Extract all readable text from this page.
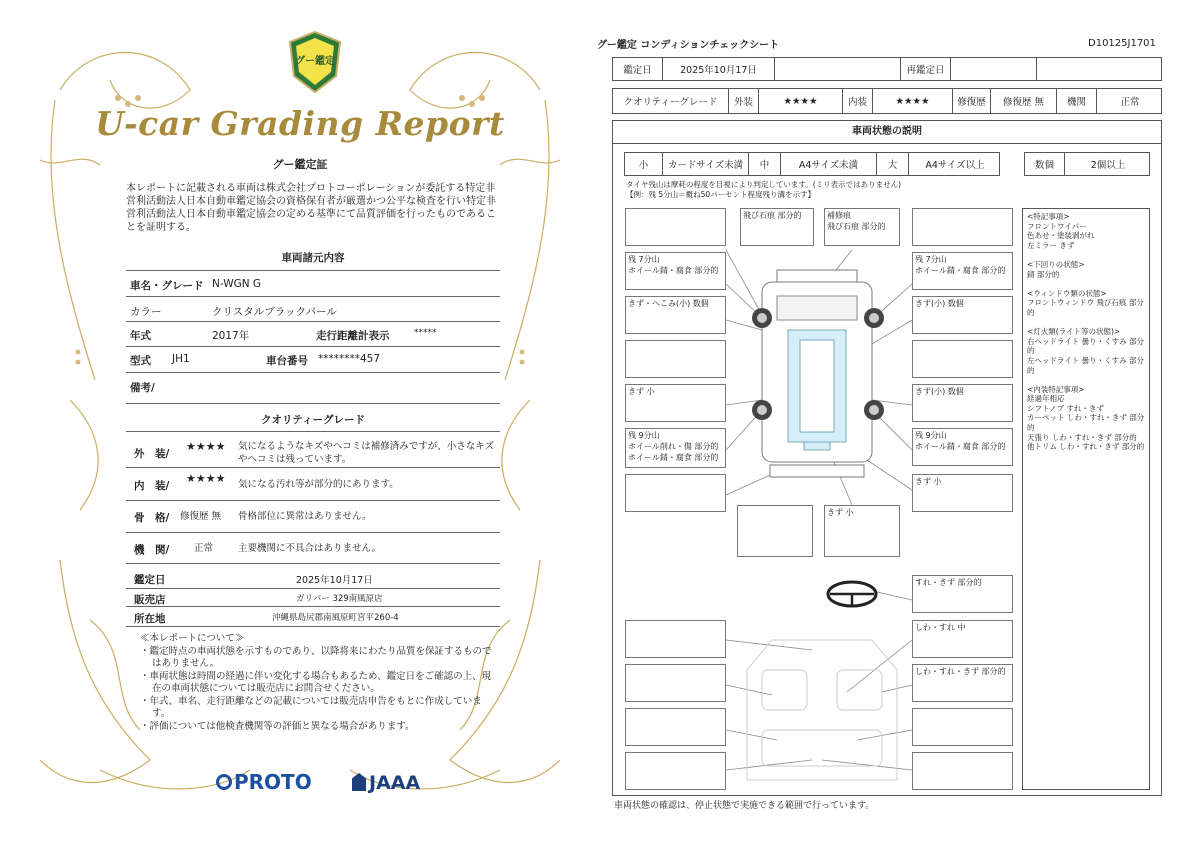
グー鑑定
U-car Grading Report
グー鑑定証
本レポートに記載される車両は株式会社プロトコーポレーションが委託する特定非営利活動法人日本自動車鑑定協会の資格保有者が厳選かつ公平な検査を行い特定非営利活動法人日本自動車鑑定協会の定める基準にて品質評価を行ったものであることを証明する。
車両諸元内容
車名・グレード N-WGN G
カラー	クリスタルブラックパール
年式	2017年	走行距離計表示	*****
型式 JH1	車台番号 ********457
備考/
クオリティーグレード
外　装/
★★★★ 気になるようなキズやヘコミは補修済みですが、小さなキズやヘコミは残っています。
内　装/
★★★★ 気になる汚れ等が部分的にあります。
骨　格/ 修復歴 無 骨格部位に異常はありません。
機　関/	正常	主要機関に不具合はありません。
鑑定日	2025年10月17日
販売店	ガリバー 329南風原店
所在地	沖縄県島尻郡南風原町宮平260-4
≪本レポートについて≫
・鑑定時点の車両状態を示すものであり、以降将来にわたり品質を保証するものではありません。
・車両状態は時間の経過に伴い変化する場合もあるため、鑑定日をご確認の上、現在の車両状態については販売店にお問合せください。
・年式、車名、走行距離などの記載については販売店申告をもとに作成しています。
・評価については他検査機関等の評価と異なる場合があります。
PROTO	JAAA
グー鑑定 コンディションチェックシート	D10125J1701
鑑定日	2025年10月17日	再鑑定日
クオリティーグレード	外装	★★★★	内装	★★★★	修復歴	修復歴 無	機関	正常
車両状態の説明
小	カードサイズ未満	中	A4サイズ未満	大	A4サイズ以上	数個	2個以上
タイヤ残山は摩耗の程度を目視により判定しています。(ミリ表示ではありません)
【例：残 5分山＝概ね50パーセント程度残り溝を示す】
飛び石痕 部分的	補修痕
飛び石痕 部分的
残 7分山
ホイール錆・腐食 部分的
残 7分山
ホイール錆・腐食 部分的
きず・へこみ(小) 数個	きず(小) 数個
きず 小	きず(小) 数個
残 9分山
ホイール削れ・傷 部分的
ホイール錆・腐食 部分的
残 9分山
ホイール錆・腐食 部分的
きず 小
きず 小
すれ・きず 部分的
しわ・すれ 中
しわ・すれ・きず 部分的
<特記事項>
フロントワイパー
色あせ・塗装剥がれ
左ミラー きず

<下回りの状態>
錆 部分的

<ウィンドウ類の状態>
フロントウィンドウ 飛び石痕 部分的

<灯火類(ライト等の状態)>
右ヘッドライト 曇り・くすみ 部分的
左ヘッドライト 曇り・くすみ 部分的

<内装特記事項>
経過年相応
シフトノブ すれ・きず
カーペット しわ・すれ・きず 部分的
天張り しわ・すれ・きず 部分的
他トリム しわ・すれ・きず 部分的
車両状態の確認は、停止状態で実施できる範囲で行っています。
